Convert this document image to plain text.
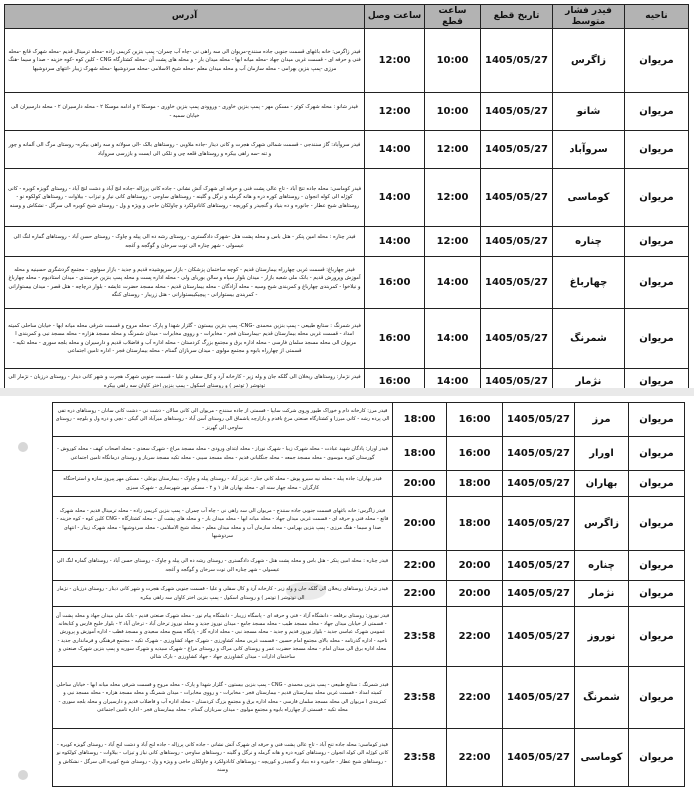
ناحیه	فیدر فشار متوسط	تاریخ قطع	ساعت قطع	ساعت وصل	آدرس
مریوان	زاگرس	1405/05/27	10:00	12:00	فیدر زاگرس: خانه باغهای قسمت جنوبی جاده سنندج-مریوان الی سه راهی نی -چاه آب چمران- پمپ بنزین کریمی زاده -محله ترمینال قدیم -محله شهرک قانع -محله فنی و حرفه ای - قسمت غربی میدان جهاد -محله میانه ابها - محله میدان بار - و محله های پشت آن -محله کشتارگاه CNG - کلین کوه -کوه خزینه - صدا و سیما -هنگ مرزی -پمپ بنزین بهرامی - محله سازمان آب و محله میدان معلم -محله شیخ الاسلامی -محله سردوشیها -محله شهرک زیبار -انتهای سردوشیها
مریوان	شانو	1405/05/27	10:00	12:00	فیدر شانو : محله شهرک کوثر - مسکن مهر - پمپ بنزین خاوری - وروودی پمپ بنزین خاوری - موسکا ۲ و ادامه موسکا ۲ - محله دارسیران ۲ - محله دارسیران الی خیابان سمیه -
مریوان	سروآباد	1405/05/27	12:00	14:00	فیدر سروآباد: گاز سنندجی - قسمت شمالی شهرک هجرت و کانی دینار -جاده ملاوبی - روستاهای بالک -الی سولانه و سه راهی بیکره- روستای مرگ الی آلمانه و چور و تنه -سه راهی بیکره و روستاهای قلعه چی و تلکی الی ایست و بازرسی سروآباد
مریوان	کوماسی	1405/05/27	12:00	14:00	فیدر کوماسی: محله جاده تنج آباد - تاج عالی پشت فنی و حرفه ای شهرک آتش نشانی - جاده کانی پرزاله -جاده لنج آباد و دشت لنج آباد - روستای گویزه کویره - کانی کوژله الی کوله انجوان - روستاهای کوره دره و هانه گرمله و نرگل و گلینه - روستاهای ساوجی - روستاهای کانی نیاز و تیزاب - بیلاوات - روستاهای کولکوه نو - روستاهای شیخ عطار - جانوره و ده بنیاد و گنجیدر و کوریچه - روستاهای کانادولکرد و چاولکان حاجی و ویژه و ول - روستای شیخ کویره الی سرگل - نشکاش و وسنه
مریوان	چناره	1405/05/27	12:00	14:00	فیدر چناره : محله امین پنکر - هتل باس و محله پشت هتل -شهرک دادگستری - روستای رشه ده الی پیله و چاوک - روستای حسن آباد - روستاهای گماره لنگ الی عیسولی - شهر چناره الی توت سرخان و گوگجه و آغجه
مریوان	چهارباغ	1405/05/27	14:00	16:00	فیدر چهارباغ: قسمت غربی چهارراه بیمارستان قدیم - کوچه ساختمان پزشکان - بازار سرپوشیده قدیم و جدید - بازار سولوی - مجتمع گردشگری حسینیه و محله آموزش وپرورش قدیم - بانک ملی شعبه بازار - میدان بلوار سپاه و سالن بوریای ولی - محله اداره پست و محله پمپ بنزین خرسندی - میدان استادیوم - محله چهارباغ و نیلاخوا - کمربندی چهارباغ و کمربندی شیخ وسیه - محله آزادگان - محله بیمارستان قدیم - محله مسجد حضرت عایشه - بلوار درچاچه - هتل قصر - میدان بیستوارانی - کمربندی بیستوارانی - پیچیکیبستوارانی - هتل زریبار - روستای کنگه
مریوان	شمرنگ	1405/05/27	14:00	16:00	فیدر شمرنگ : ستابع طبیعی - پمپ بنزین محمدی -CNG- پمپ بنزین بیستون - گلزار شهدا و پارک -محله مروح و قسمت شرقی محله میانه ابها - خیابان ساحلی کمیته امداد - قسمت غربی محله بیمارستان قدیم -بیمارستان فجر - مخابرات - و رووی مخابرات - میدان شمرنگ و محله مسجد هزاره - محله مسجد نبی و کمربندی ا مریوان الی محله مسجد سلمان فارسی - محله اداره برق و مجتمع بزرگ کردستان - محله اداره آب و فاضلاب قدیم و دارسیران و محله بلجه سوری - محله تکیه - قسمتی از چهارراه بابوه و مجتمع مولوی - میدان سربازان گمنام - محله بیمارستان فجر - اداره تامین اجتماعی
مریوان	نژمار	1405/05/27	14:00	16:00	فیدر نژمار: روستاهای ریخلان الی گلکه جان و وله زیر - کارخانه آرد و کال سقلی و علیا - قسمت جنوبی شهرک هجرت و شهر کانی دینار - روستای درزیان - نژمار الی توتوشر ( توتمر ) و روستای اسکول - پمپ بنزین اختر کاوان سه راهی بیکره
مریوان	مرز	1405/05/27	16:00	18:00	فیدر مرز: کارخانه دام و خوراک طیور وروی شرکت سایپا - قسمتی از جاده سنندج - مریوان الی کانی سالان - دشت نی - دشت کانی سانان - روستاهای دره تفی الی پرده رشه - کانی میرزا و کشتارگاه صنعتی مرغ باقدم و بازارچه یاشماق الی روستای آسن آباد - روستاهای میرآباد الی گیکن - نچی و دره ول و بلوچه - روستای ساوجی الی گهرنز -
مریوان	اورار	1405/05/27	16:00	18:00	فیدر اورار: پادگان شهید عبادت - محله شهرک زیبا - شهرک نوراز - محله ابتدای ورودی - محله مسجد مراغ - شهرک سعدی - محله اصحاب کهف - محله کوروش - گورستان کوره موسوی - محله مسجد جمعه - محله جنگلبانی قدیم - محله مسجد سیبی - محله تکیه مسجد سرباز و روستای درمانگاه تامین اجتماعی
مریوان	بهاران	1405/05/27	18:00	20:00	فیدر بهاران: جاده پیله - محله نیه سیرو پوش - محله کانی جنار - عزیز آباد - روستای پیله و چاوک - بیمارستان بوعلی - مسکن مهر پیروز سازه و استراحتگاه کارگران - محله چهار سنه ای - محله بهاران فاز ۱ و ۲ - مسکن مهر شهرسازی - شهرک سبزی
مریوان	زاگرس	1405/05/27	18:00	20:00	فیدر زاگرس: خانه باغهای قسمت جنوبی جاده سنندج - مریوان الی سه راهی نی - چاه آب چمران - پمپ بنزین کریمی زاده - محله ترمینال قدیم - محله شهرک قانع - محله فنی و حرفه ای - قسمت غربی میدان جهاد - محله میانه ابها - محله میدان بار - و محله های پشت آن - محله کشتارگاه - CNG کلین کوه - کوه خزینه - صدا و سیما - هنگ مرزی - پمپ بنزین بهرامی - محله سازمان آب و محله میدان معلم - محله شیخ الاسلامی - محله سردوشیها - محله شهرک زیبار - انتهای سردوشیها
مریوان	چناره	1405/05/27	20:00	22:00	فیدر چناره : محله امین پنکر - هتل باس و محله پشت هتل - شهرک دادگستری - روستای رشه ده الی پیله و چاوک - روستای حسن آباد - روستاهای گماره لنگ الی عیسولی - شهر چناره الی توت سرخان و گوگجه و آغجه
مریوان	نژمار	1405/05/27	20:00	22:00	فیدر نژمار: روستاهای ریخلان الی گلکه جان و وله زیر - کارخانه آرد و کال سقلی و علیا - قسمت جنوبی شهرک هجرت و شهر کانی دینار - روستای درزیان - نژمار الی توتوشر ( توتمر ) و روستای اسکول - پمپ بنزین اختر کاوان سه راهی بیکره
مریوان	نوروز	1405/05/27	22:00	23:58	فیدر نوروز: روستای برقلعه - دانشگاه آزاد - فنی و حرفه ای - پاسگاه زریبار - دانشگاه پیام نور - محله شهرک صنعتی قدیم - بانک ملی میدان جهاد و محله پشت آن - قسمتی از خیابان میدان جهاد - محله مسجد طیب - محله مسجد جامع - میدان نوروز جدید و محله نوروز ترخان آباد - ترخان آباد ۲ - بلوار خلیج فارس و کتابخانه عمومی شهرک عباسی جدید - بلوار نوروز قدیم و جدید - محله مسجد نبی - محله اداره گاز - پایگاه بسیج محله سعیدی و مسجد قطب - اداره آموزش و پرورش ناحیه - اداره گذرنامه - محله بالای مجتمع امام حسین - قسمت غربی محله کشاورزی - شهرک جهاد کشاورزی - شهرک تکیه - مجتمع فرهنگی و فرمانداری جدید - محله اداره برق الی میدان امام - محله مسجد حضرت عمر و روستای کانی مراک و روستای مراغ - شهرک سیدیه و شهرک سوریه و پمپ بنزین شهرک صنعتی و ساختمان ادارات - میدان کشاورزی جهاد - جهاد کشاورزی - بارک شالی
مریوان	شمرنگ	1405/05/27	22:00	23:58	فیدر شمرنگ : ستابع طبیعی - پمپ بنزین محمدی - CNG - پمپ بنزین بیستون - گلزار شهدا و پارک - محله مروح و قسمت شرقی محله میانه ابها - خیابان ساحلی کمیته امداد - قسمت غربی محله بیمارستان قدیم - بیمارستان فجر - مخابرات - و رووی مخابرات - میدان شمرنگ و محله مسجد هزاره - محله مسجد نبی و کمربندی ا مریوان الی محله مسجد سلمان فارسی - محله اداره برق و مجتمع بزرگ کردستان - محله اداره آب و فاضلاب قدیم و دارسیران و محله بلجه سوری - محله تکیه - قسمتی از چهارراه بابوه و مجتمع مولوی - میدان سربازان گمنام - محله بیمارستان فجر - اداره تامین اجتماعی
مریوان	کوماسی	1405/05/27	22:00	23:58	فیدر کوماسی: محله جاده تنج آباد - تاج عالی پشت فنی و حرفه ای شهرک آتش نشانی - جاده کانی پرزاله - جاده لنج آباد و دشت لنج آباد - روستای گویزه کویره - کانی کوژله الی کوله انجوان - روستاهای کوره دره و هانه گرمله و نرگل و گلینه - روستاهای ساوجی - روستاهای کانی نیاز و تیزاب - بیلاوات - روستاهای کولکوه نو - روستاهای شیخ عطار - جانوره و ده بنیاد و گنجیدر و کوریچه - روستاهای کانادولکرد و چاولکان حاجی و ویژه و ول - روستای شیخ کویره الی سرگل - نشکاش و وسنه
